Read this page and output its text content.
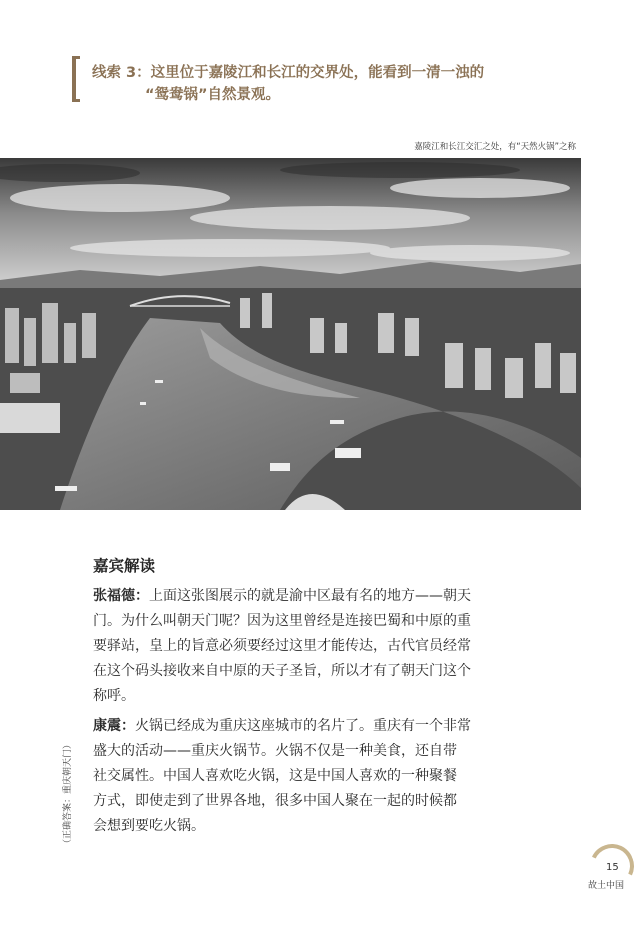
线索 3：这里位于嘉陵江和长江的交界处，能看到一清一浊的
“鸳鸯锅”自然景观。
嘉陵江和长江交汇之处，有“天然火锅”之称
嘉宾解读
张福德：上面这张图展示的就是渝中区最有名的地方——朝天
门。为什么叫朝天门呢？因为这里曾经是连接巴蜀和中原的重
要驿站，皇上的旨意必须要经过这里才能传达，古代官员经常
在这个码头接收来自中原的天子圣旨，所以才有了朝天门这个
称呼。
康震：火锅已经成为重庆这座城市的名片了。重庆有一个非常
盛大的活动——重庆火锅节。火锅不仅是一种美食，还自带
社交属性。中国人喜欢吃火锅，这是中国人喜欢的一种聚餐
方式，即使走到了世界各地，很多中国人聚在一起的时候都
会想到要吃火锅。
（正确答案：重庆朝天门）
15
故土中国
